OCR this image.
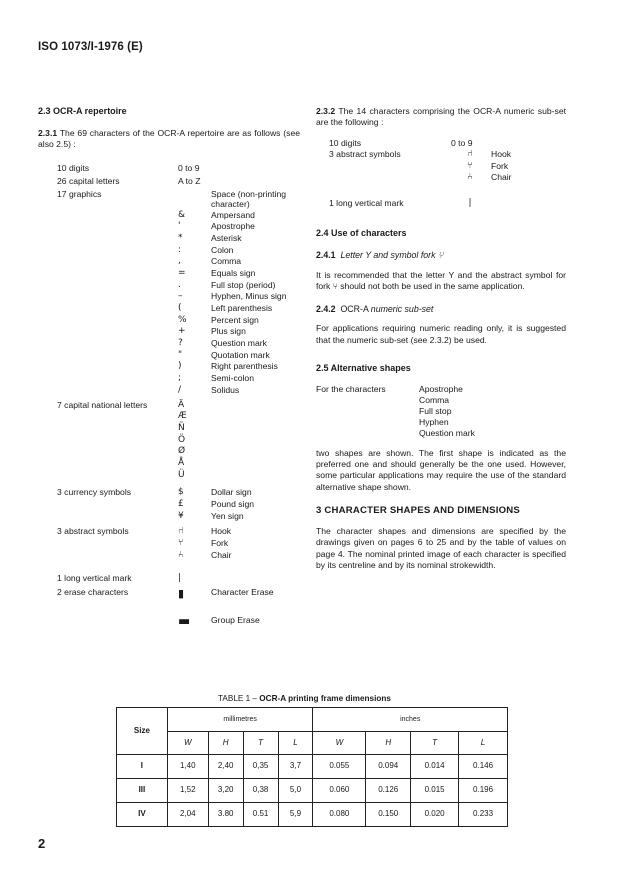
ISO 1073/I-1976 (E)
2.3 OCR-A repertoire
2.3.1 The 69 characters of the OCR-A repertoire are as follows (see also 2.5) :
10 digits	0 to 9
26 capital letters	A to Z
17 graphics	Space (non-printing character)
&	Ampersand
'	Apostrophe
*	Asterisk
:	Colon
,	Comma
=	Equals sign
.	Full stop (period)
–	Hyphen, Minus sign
(	Left parenthesis
%	Percent sign
+	Plus sign
?	Question mark
"	Quotation mark
)	Right parenthesis
;	Semi-colon
/	Solidus
7 capital national letters	Ä
Æ
Ñ
Ö
Ø
Å
Ü
3 currency symbols	$	Dollar sign
£	Pound sign
¥	Yen sign
3 abstract symbols	⑁	Hook
⑂	Fork
⑃	Chair
1 long vertical mark	|
2 erase characters	▮	Character Erase
▬	Group Erase
2.3.2 The 14 characters comprising the OCR-A numeric sub-set are the following :
10 digits	0 to 9
3 abstract symbols	⑁	Hook
⑂	Fork
⑃	Chair
1 long vertical mark	|
2.4 Use of characters
2.4.1 Letter Y and symbol fork ⑂
It is recommended that the letter Y and the abstract symbol for fork ⑂ should not both be used in the same application.
2.4.2 OCR-A numeric sub-set
For applications requiring numeric reading only, it is suggested that the numeric sub-set (see 2.3.2) be used.
2.5 Alternative shapes
For the characters	Apostrophe
Comma
Full stop
Hyphen
Question mark
two shapes are shown. The first shape is indicated as the preferred one and should generally be the one used. However, some particular applications may require the use of the standard alternative shape shown.
3 CHARACTER SHAPES AND DIMENSIONS
The character shapes and dimensions are specified by the drawings given on pages 6 to 25 and by the table of values on page 4. The nominal printed image of each character is specified by its centreline and by its nominal strokewidth.
TABLE 1 – OCR-A printing frame dimensions
Size	millimetres				inches			
	W	H	T	L	W	H	T	L
I	1,40	2,40	0,35	3,7	0.055	0.094	0.014	0.146
III	1,52	3,20	0,38	5,0	0.060	0.126	0.015	0.196
IV	2,04	3.80	0.51	5,9	0.080	0.150	0.020	0.233
2
